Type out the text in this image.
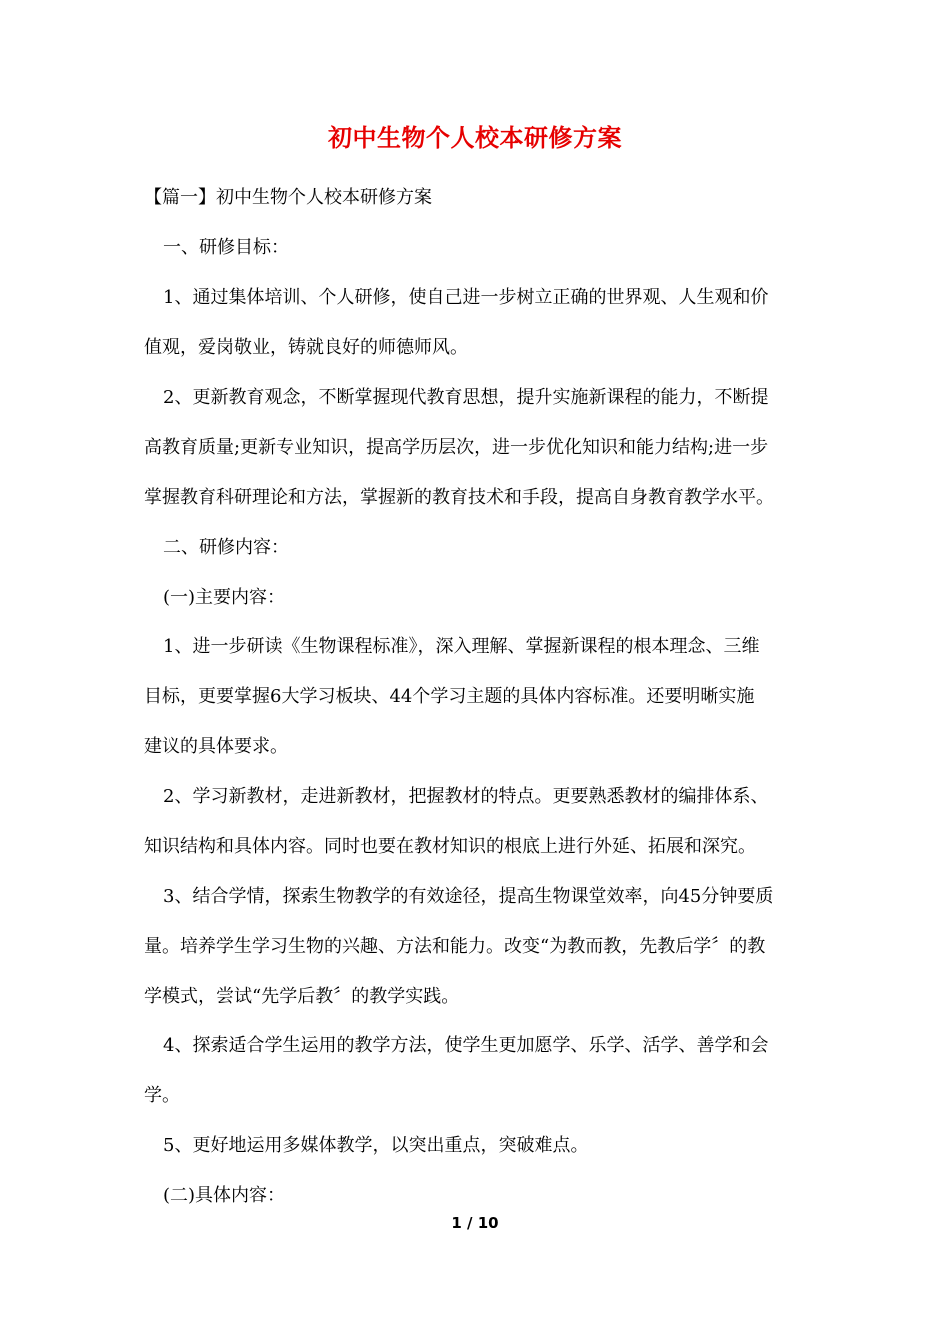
初中生物个人校本研修方案
【篇一】初中生物个人校本研修方案
一、研修目标：
1、通过集体培训、个人研修，使自己进一步树立正确的世界观、人生观和价
值观，爱岗敬业，铸就良好的师德师风。
2、更新教育观念，不断掌握现代教育思想，提升实施新课程的能力，不断提
高教育质量;更新专业知识，提高学历层次，进一步优化知识和能力结构;进一步
掌握教育科研理论和方法，掌握新的教育技术和手段，提高自身教育教学水平。
二、研修内容：
(一)主要内容：
1、进一步研读《生物课程标准》，深入理解、掌握新课程的根本理念、三维
目标，更要掌握6大学习板块、44个学习主题的具体内容标准。还要明晰实施
建议的具体要求。
2、学习新教材，走进新教材，把握教材的特点。更要熟悉教材的编排体系、
知识结构和具体内容。同时也要在教材知识的根底上进行外延、拓展和深究。
3、结合学情，探索生物教学的有效途径，提高生物课堂效率，向45分钟要质
量。培养学生学习生物的兴趣、方法和能力。改变“为教而教，先教后学〞的教
学模式，尝试“先学后教〞的教学实践。
4、探索适合学生运用的教学方法，使学生更加愿学、乐学、活学、善学和会
学。
5、更好地运用多媒体教学，以突出重点，突破难点。
(二)具体内容：
1 / 10
